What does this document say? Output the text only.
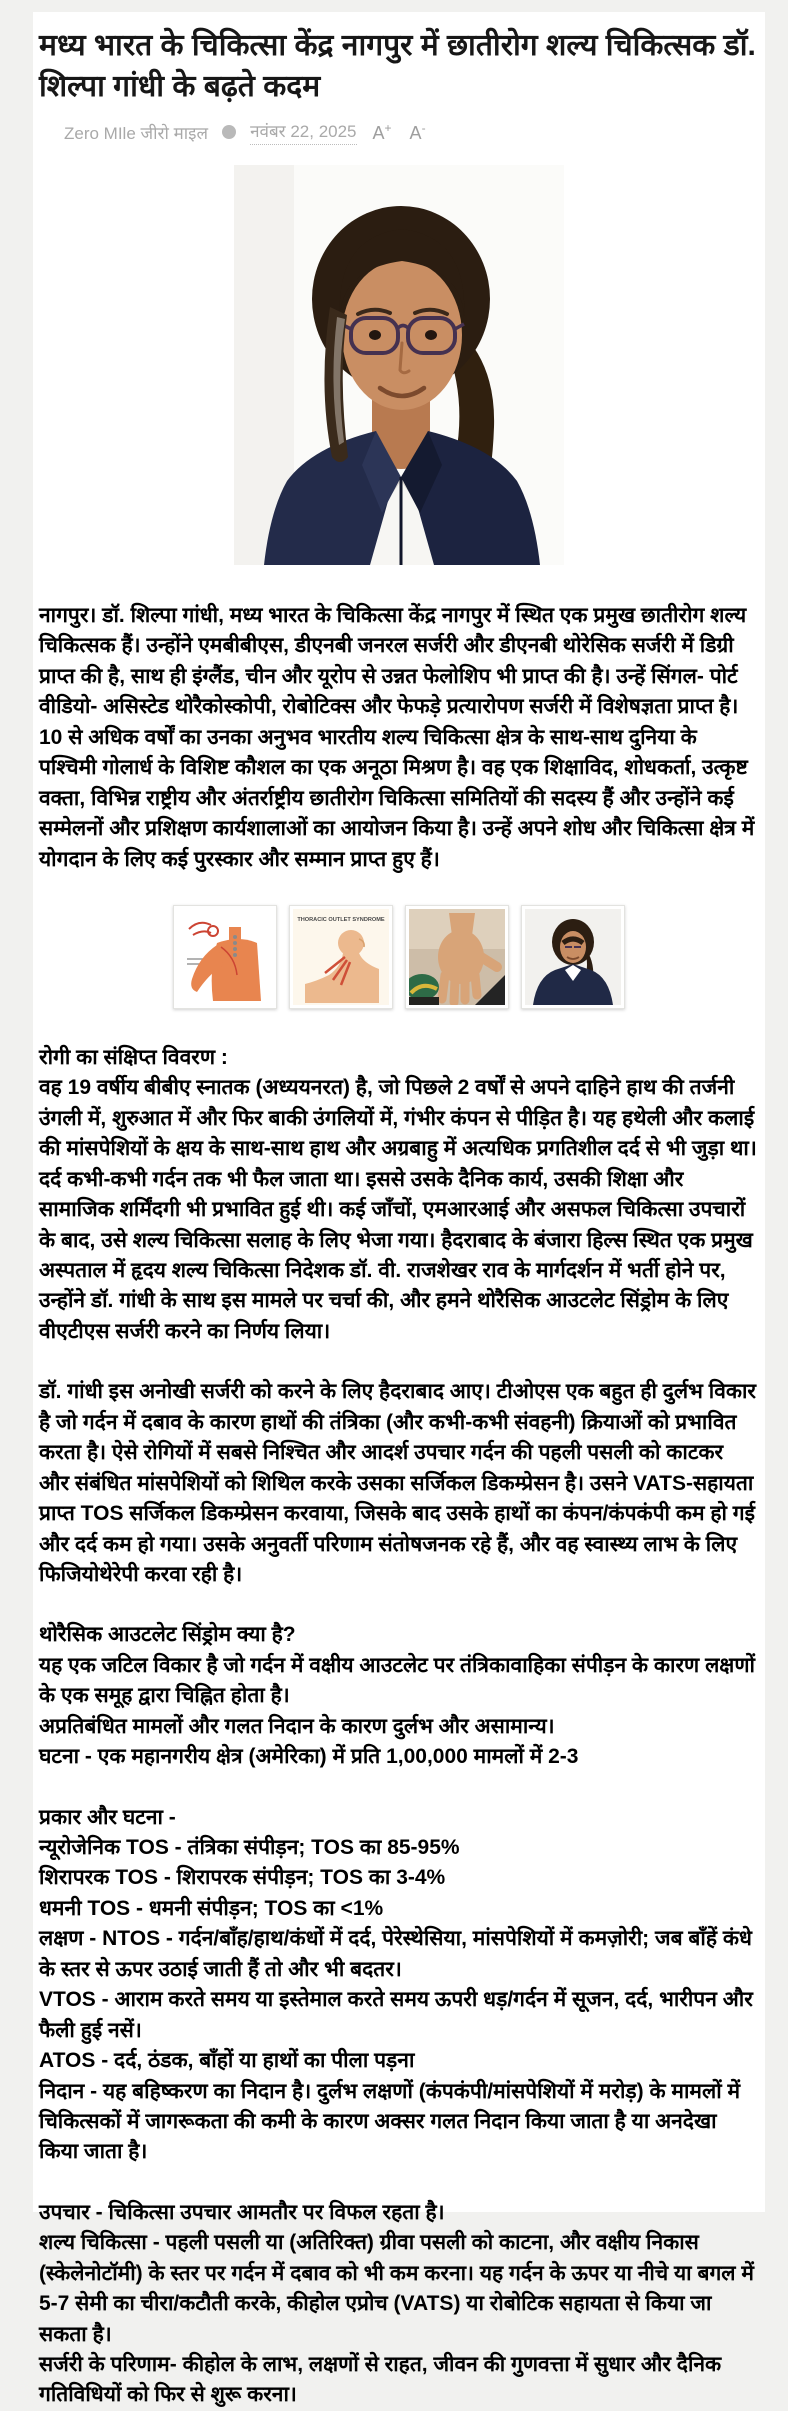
मध्य भारत के चिकित्सा केंद्र नागपुर में छातीरोग शल्य चिकित्सक डॉ. शिल्पा गांधी के बढ़ते कदम
Zero MIle जीरो माइल नवंबर 22, 2025 A+ A-

नागपुर। डॉ. शिल्पा गांधी, मध्य भारत के चिकित्सा केंद्र नागपुर में स्थित एक प्रमुख छातीरोग शल्य चिकित्सक हैं। उन्होंने एमबीबीएस, डीएनबी जनरल सर्जरी और डीएनबी थोरेसिक सर्जरी में डिग्री प्राप्त की है, साथ ही इंग्लैंड, चीन और यूरोप से उन्नत फेलोशिप भी प्राप्त की है। उन्हें सिंगल- पोर्ट वीडियो- असिस्टेड थोरैकोस्कोपी, रोबोटिक्स और फेफड़े प्रत्यारोपण सर्जरी में विशेषज्ञता प्राप्त है। 10 से अधिक वर्षों का उनका अनुभव भारतीय शल्य चिकित्सा क्षेत्र के साथ-साथ दुनिया के पश्चिमी गोलार्ध के विशिष्ट कौशल का एक अनूठा मिश्रण है। वह एक शिक्षाविद, शोधकर्ता, उत्कृष्ट वक्ता, विभिन्न राष्ट्रीय और अंतर्राष्ट्रीय छातीरोग चिकित्सा समितियों की सदस्य हैं और उन्होंने कई सम्मेलनों और प्रशिक्षण कार्यशालाओं का आयोजन किया है। उन्हें अपने शोध और चिकित्सा क्षेत्र में योगदान के लिए कई पुरस्कार और सम्मान प्राप्त हुए हैं।

THORACIC OUTLET SYNDROME

रोगी का संक्षिप्त विवरण :

वह 19 वर्षीय बीबीए स्नातक (अध्ययनरत) है, जो पिछले 2 वर्षों से अपने दाहिने हाथ की तर्जनी उंगली में, शुरुआत में और फिर बाकी उंगलियों में, गंभीर कंपन से पीड़ित है। यह हथेली और कलाई की मांसपेशियों के क्षय के साथ-साथ हाथ और अग्रबाहु में अत्यधिक प्रगतिशील दर्द से भी जुड़ा था। दर्द कभी-कभी गर्दन तक भी फैल जाता था। इससे उसके दैनिक कार्य, उसकी शिक्षा और सामाजिक शर्मिंदगी भी प्रभावित हुई थी। कई जाँचों, एमआरआई और असफल चिकित्सा उपचारों के बाद, उसे शल्य चिकित्सा सलाह के लिए भेजा गया। हैदराबाद के बंजारा हिल्स स्थित एक प्रमुख अस्पताल में हृदय शल्य चिकित्सा निदेशक डॉ. वी. राजशेखर राव के मार्गदर्शन में भर्ती होने पर, उन्होंने डॉ. गांधी के साथ इस मामले पर चर्चा की, और हमने थोरैसिक आउटलेट सिंड्रोम के लिए वीएटीएस सर्जरी करने का निर्णय लिया।

डॉ. गांधी इस अनोखी सर्जरी को करने के लिए हैदराबाद आए। टीओएस एक बहुत ही दुर्लभ विकार है जो गर्दन में दबाव के कारण हाथों की तंत्रिका (और कभी-कभी संवहनी) क्रियाओं को प्रभावित करता है। ऐसे रोगियों में सबसे निश्चित और आदर्श उपचार गर्दन की पहली पसली को काटकर और संबंधित मांसपेशियों को शिथिल करके उसका सर्जिकल डिकम्प्रेसन है। उसने VATS-सहायता प्राप्त TOS सर्जिकल डिकम्प्रेसन करवाया, जिसके बाद उसके हाथों का कंपन/कंपकंपी कम हो गई और दर्द कम हो गया। उसके अनुवर्ती परिणाम संतोषजनक रहे हैं, और वह स्वास्थ्य लाभ के लिए फिजियोथेरेपी करवा रही है।

थोरैसिक आउटलेट सिंड्रोम क्या है?

यह एक जटिल विकार है जो गर्दन में वक्षीय आउटलेट पर तंत्रिकावाहिका संपीड़न के कारण लक्षणों के एक समूह द्वारा चिह्नित होता है।

अप्रतिबंधित मामलों और गलत निदान के कारण दुर्लभ और असामान्य।

घटना - एक महानगरीय क्षेत्र (अमेरिका) में प्रति 1,00,000 मामलों में 2-3

प्रकार और घटना -

न्यूरोजेनिक TOS - तंत्रिका संपीड़न; TOS का 85-95%

शिरापरक TOS - शिरापरक संपीड़न; TOS का 3-4%

धमनी TOS - धमनी संपीड़न; TOS का <1%

लक्षण - NTOS - गर्दन/बाँह/हाथ/कंधों में दर्द, पेरेस्थेसिया, मांसपेशियों में कमज़ोरी; जब बाँहें कंधे के स्तर से ऊपर उठाई जाती हैं तो और भी बदतर।

VTOS - आराम करते समय या इस्तेमाल करते समय ऊपरी धड़/गर्दन में सूजन, दर्द, भारीपन और फैली हुई नसें।

ATOS - दर्द, ठंडक, बाँहों या हाथों का पीला पड़ना

निदान - यह बहिष्करण का निदान है। दुर्लभ लक्षणों (कंपकंपी/मांसपेशियों में मरोड़) के मामलों में चिकित्सकों में जागरूकता की कमी के कारण अक्सर गलत निदान किया जाता है या अनदेखा किया जाता है।

उपचार - चिकित्सा उपचार आमतौर पर विफल रहता है।

शल्य चिकित्सा - पहली पसली या (अतिरिक्त) ग्रीवा पसली को काटना, और वक्षीय निकास (स्केलेनोटॉमी) के स्तर पर गर्दन में दबाव को भी कम करना। यह गर्दन के ऊपर या नीचे या बगल में 5-7 सेमी का चीरा/कटौती करके, कीहोल एप्रोच (VATS) या रोबोटिक सहायता से किया जा सकता है।

सर्जरी के परिणाम- कीहोल के लाभ, लक्षणों से राहत, जीवन की गुणवत्ता में सुधार और दैनिक गतिविधियों को फिर से शुरू करना।
